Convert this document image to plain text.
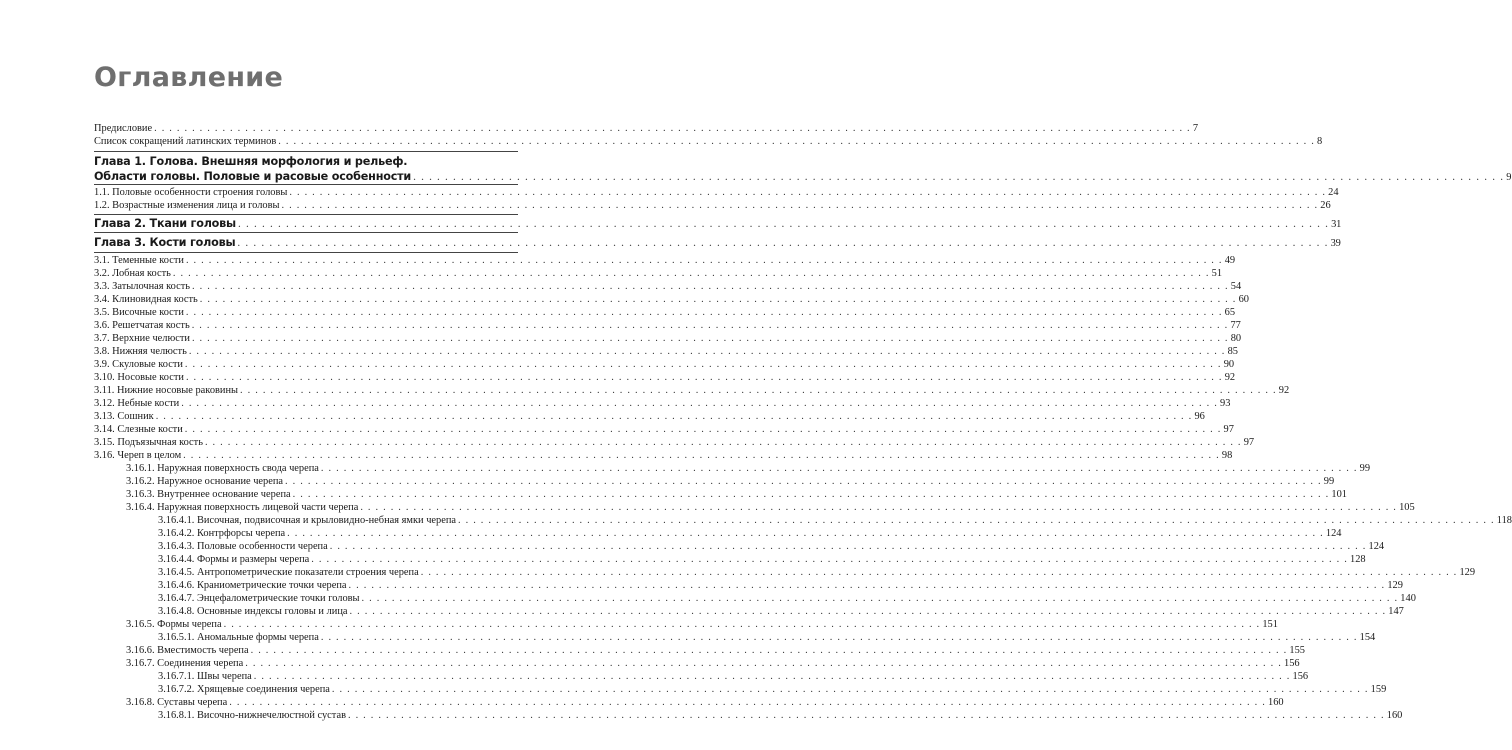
Оглавление
Предисловие . . .	7
Список сокращений латинских терминов . . .	8
Глава 1. Голова. Внешняя морфология и рельеф.
Области головы. Половые и расовые особенности . . .	9
1.1. Половые особенности строения головы . . .	24
1.2. Возрастные изменения лица и головы . . .	26
Глава 2. Ткани головы . . .	31
Глава 3. Кости головы . . .	39
3.1. Теменные кости . . .	49
3.2. Лобная кость . . .	51
3.3. Затылочная кость . . .	54
3.4. Клиновидная кость . . .	60
3.5. Височные кости . . .	65
3.6. Решетчатая кость . . .	77
3.7. Верхние челюсти . . .	80
3.8. Нижняя челюсть . . .	85
3.9. Скуловые кости . . .	90
3.10. Носовые кости . . .	92
3.11. Нижние носовые раковины . . .	92
3.12. Небные кости . . .	93
3.13. Сошник . . .	96
3.14. Слезные кости . . .	97
3.15. Подъязычная кость . . .	97
3.16. Череп в целом . . .	98
3.16.1. Наружная поверхность свода черепа . . .	99
3.16.2. Наружное основание черепа . . .	99
3.16.3. Внутреннее основание черепа . . .	101
3.16.4. Наружная поверхность лицевой части черепа . . .	105
3.16.4.1. Височная, подвисочная и крыловидно-небная ямки черепа . . .	118
3.16.4.2. Контрфорсы черепа . . .	124
3.16.4.3. Половые особенности черепа . . .	124
3.16.4.4. Формы и размеры черепа . . .	128
3.16.4.5. Антропометрические показатели строения черепа . . .	129
3.16.4.6. Краниометрические точки черепа . . .	129
3.16.4.7. Энцефалометрические точки головы . . .	140
3.16.4.8. Основные индексы головы и лица . . .	147
3.16.5. Формы черепа . . .	151
3.16.5.1. Аномальные формы черепа . . .	154
3.16.6. Вместимость черепа . . .	155
3.16.7. Соединения черепа . . .	156
3.16.7.1. Швы черепа . . .	156
3.16.7.2. Хрящевые соединения черепа . . .	159
3.16.8. Суставы черепа . . .	160
3.16.8.1. Височно-нижнечелюстной сустав . . .	160
